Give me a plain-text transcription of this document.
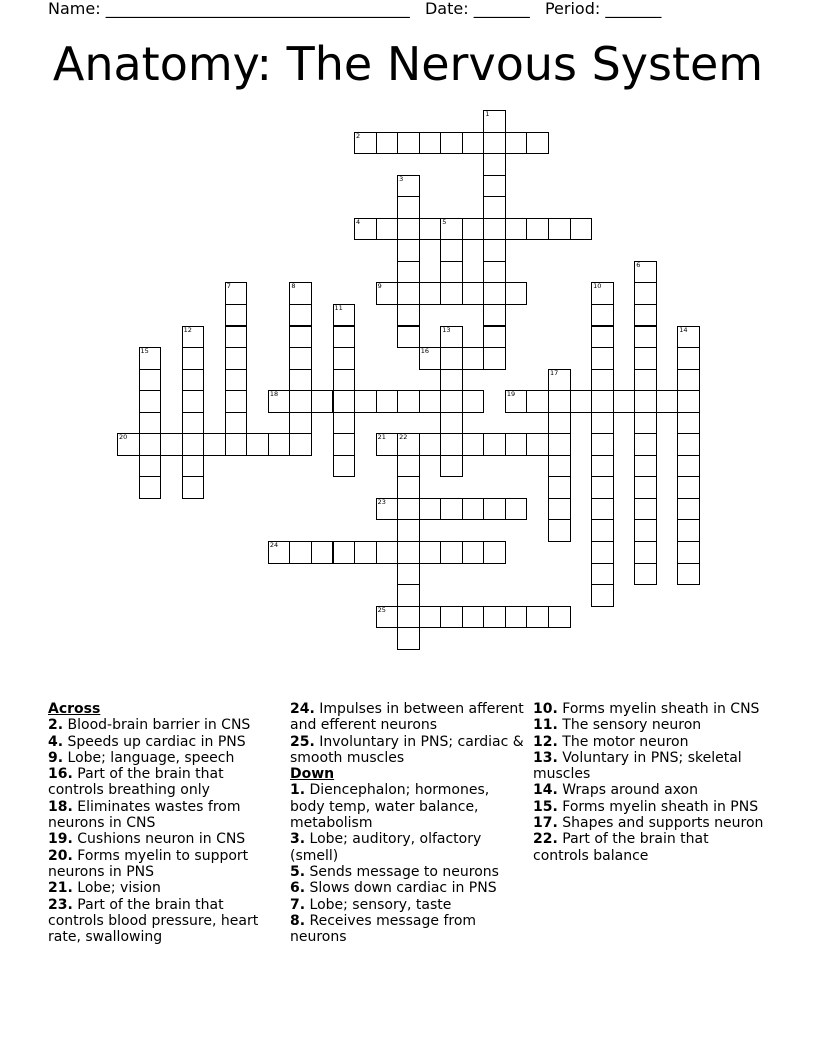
Name: ______________________________________ Date: _______ Period: _______
Anatomy: The Nervous System
2
4	5
9
16
18	19
20	21 22
23
24
25
1
3
6
7	8	10
11
12	13	14
15
17

Across

2. Blood-brain barrier in CNS

4. Speeds up cardiac in PNS

9. Lobe; language, speech

16. Part of the brain that controls breathing only

18. Eliminates wastes from neurons in CNS

19. Cushions neuron in CNS

20. Forms myelin to support neurons in PNS

21. Lobe; vision

23. Part of the brain that controls blood pressure, heart rate, swallowing

24. Impulses in between afferent and efferent neurons

25. Involuntary in PNS; cardiac & smooth muscles

Down

1. Diencephalon; hormones, body temp, water balance, metabolism

3. Lobe; auditory, olfactory (smell)

5. Sends message to neurons

6. Slows down cardiac in PNS

7. Lobe; sensory, taste

8. Receives message from neurons

10. Forms myelin sheath in CNS

11. The sensory neuron

12. The motor neuron

13. Voluntary in PNS; skeletal muscles

14. Wraps around axon

15. Forms myelin sheath in PNS

17. Shapes and supports neuron

22. Part of the brain that controls balance
